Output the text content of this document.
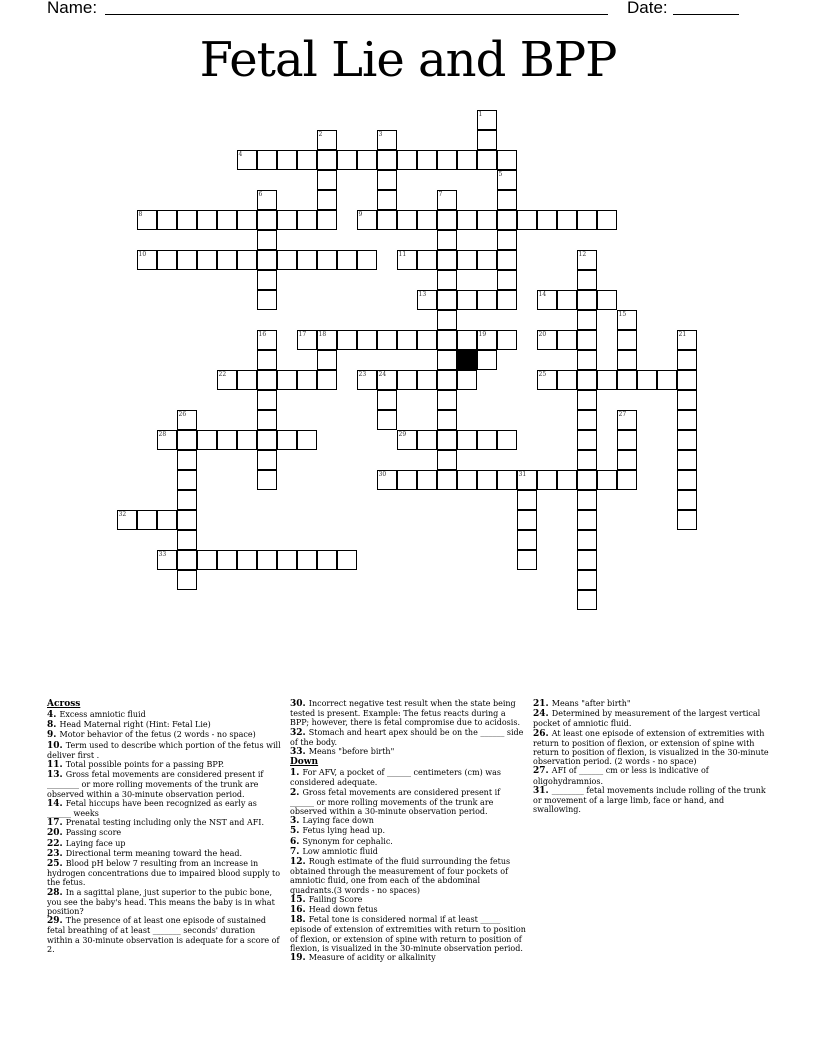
Name:	Date:
Fetal Lie and BPP
1
2	3
4
5
6	7
8	9
10	11	12
13	14
15
16	17 18	19	20	21
22	23 24	25
26	27
28	29
30	31
32
33
Across
4. Excess amniotic fluid
8. Head Maternal right (Hint: Fetal Lie)
9. Motor behavior of the fetus (2 words - no space)
10. Term used to describe which portion of the fetus will deliver first .
11. Total possible points for a passing BPP.
13. Gross fetal movements are considered present if ________ or more rolling movements of the trunk are observed within a 30-minute observation period.
14. Fetal hiccups have been recognized as early as ______ weeks
17. Prenatal testing including only the NST and AFI.
20. Passing score
22. Laying face up
23. Directional term meaning toward the head.
25. Blood pH below 7 resulting from an increase in hydrogen concentrations due to impaired blood supply to the fetus.
28. In a sagittal plane, just superior to the pubic bone, you see the baby's head. This means the baby is in what position?
29. The presence of at least one episode of sustained fetal breathing of at least _______ seconds' duration within a 30-minute observation is adequate for a score of 2.
30. Incorrect negative test result when the state being tested is present. Example: The fetus reacts during a BPP; however, there is fetal compromise due to acidosis.
32. Stomach and heart apex should be on the ______ side of the body.
33. Means "before birth"
Down
1. For AFV, a pocket of ______ centimeters (cm) was considered adequate.
2. Gross fetal movements are considered present if ______ or more rolling movements of the trunk are observed within a 30-minute observation period.
3. Laying face down
5. Fetus lying head up.
6. Synonym for cephalic.
7. Low amniotic fluid
12. Rough estimate of the fluid surrounding the fetus obtained through the measurement of four pockets of amniotic fluid, one from each of the abdominal quadrants.(3 words - no spaces)
15. Failing Score
16. Head down fetus
18. Fetal tone is considered normal if at least _____ episode of extension of extremities with return to position of flexion, or extension of spine with return to position of flexion, is visualized in the 30-minute observation period.
19. Measure of acidity or alkalinity
21. Means "after birth"
24. Determined by measurement of the largest vertical pocket of amniotic fluid.
26. At least one episode of extension of extremities with return to position of flexion, or extension of spine with return to position of flexion, is visualized in the 30-minute observation period. (2 words - no space)
27. AFI of ______ cm or less is indicative of oligohydramnios.
31. ________ fetal movements include rolling of the trunk or movement of a large limb, face or hand, and swallowing.
